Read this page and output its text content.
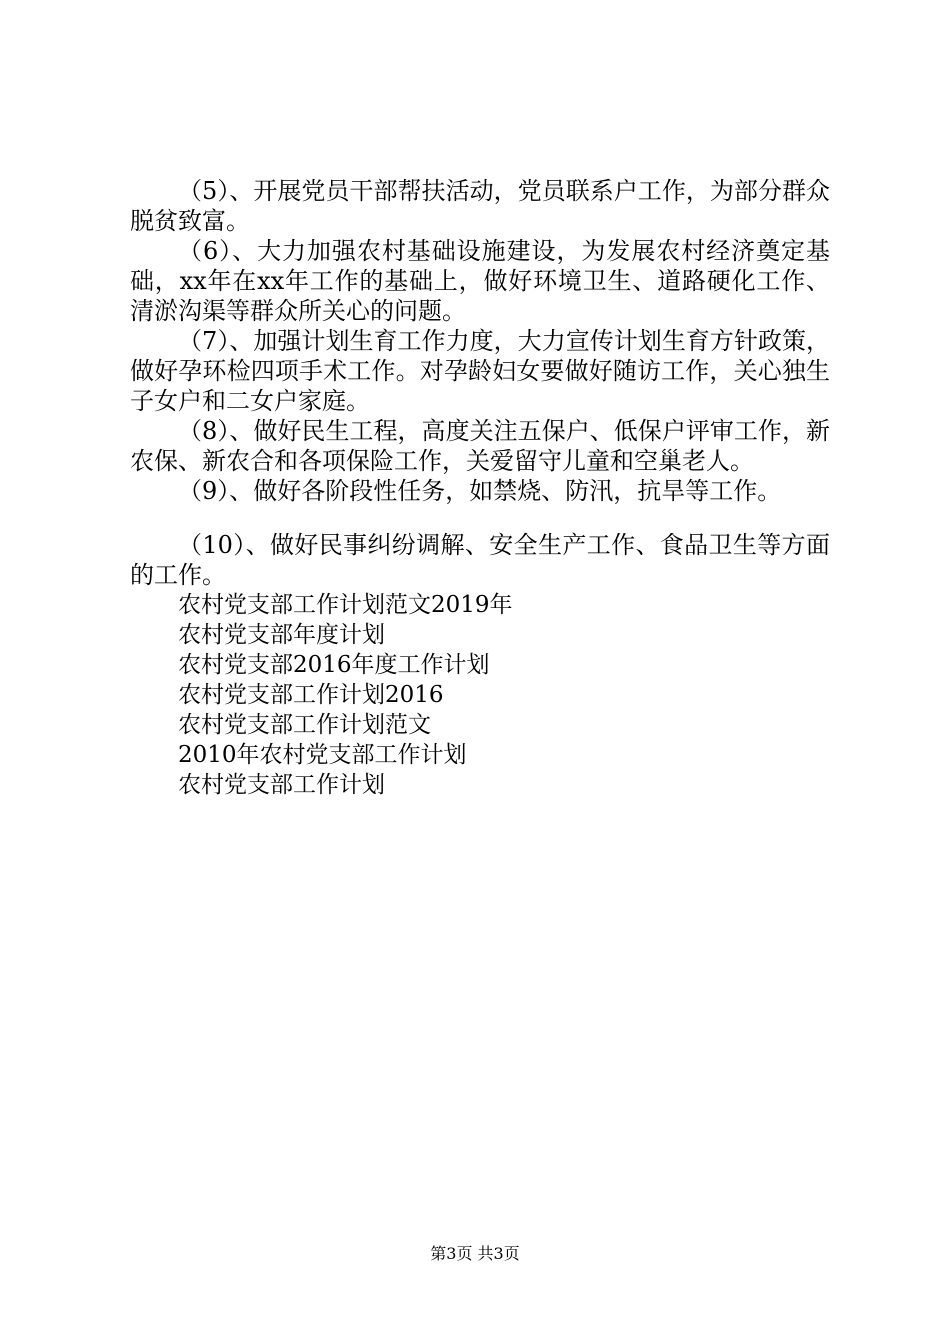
（5）、开展党员干部帮扶活动，党员联系户工作，为部分群众脱贫致富。

（6）、大力加强农村基础设施建设，为发展农村经济奠定基础，xx年在xx年工作的基础上，做好环境卫生、道路硬化工作、清淤沟渠等群众所关心的问题。

（7）、加强计划生育工作力度，大力宣传计划生育方针政策，做好孕环检四项手术工作。对孕龄妇女要做好随访工作，关心独生子女户和二女户家庭。

（8）、做好民生工程，高度关注五保户、低保户评审工作，新农保、新农合和各项保险工作，关爱留守儿童和空巢老人。

（9）、做好各阶段性任务，如禁烧、防汛，抗旱等工作。

（10）、做好民事纠纷调解、安全生产工作、食品卫生等方面的工作。

农村党支部工作计划范文2019年
农村党支部年度计划
农村党支部2016年度工作计划
农村党支部工作计划2016
农村党支部工作计划范文
2010年农村党支部工作计划
农村党支部工作计划
第3页 共3页
